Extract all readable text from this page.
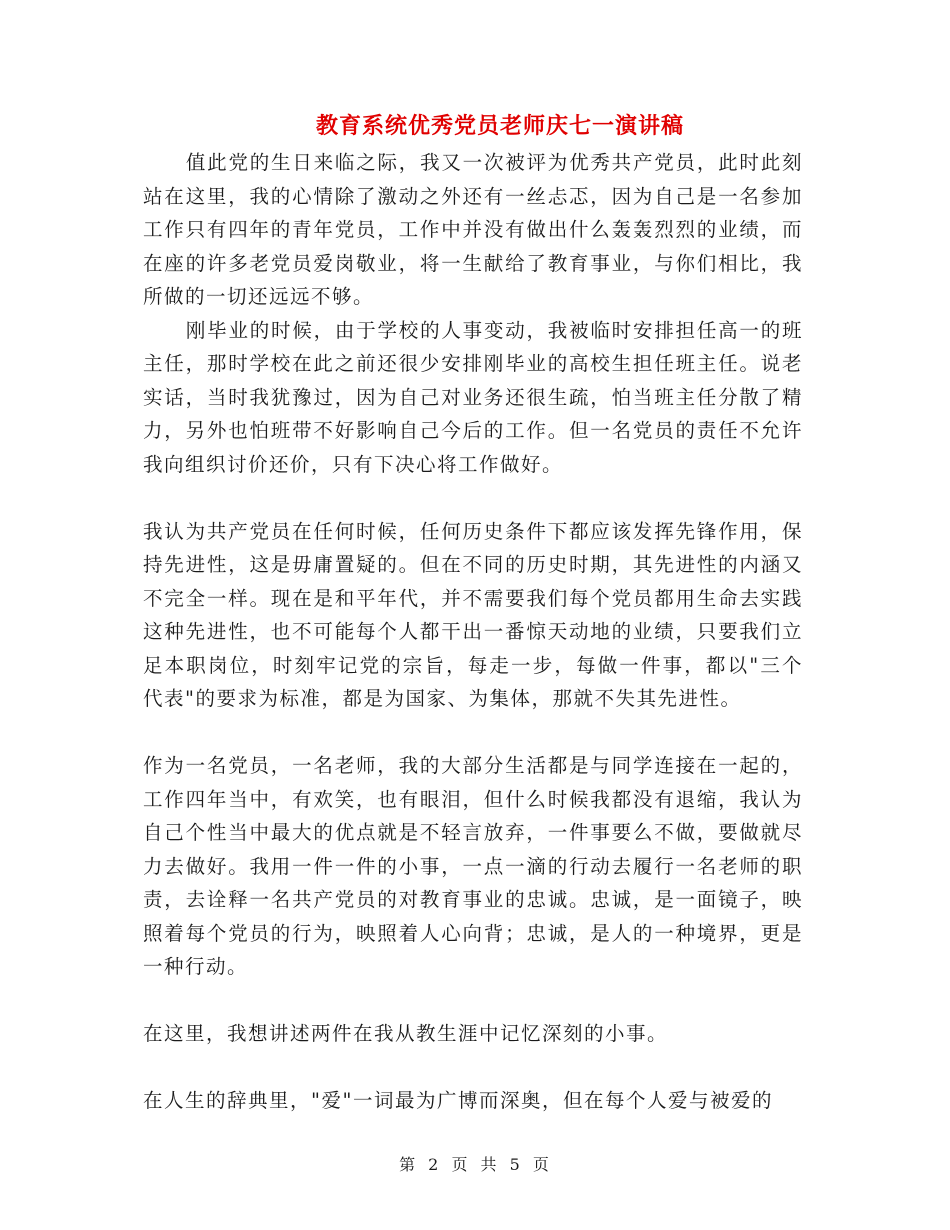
教育系统优秀党员老师庆七一演讲稿

值此党的生日来临之际，我又一次被评为优秀共产党员，此时此刻站在这里，我的心情除了激动之外还有一丝忐忑，因为自己是一名参加工作只有四年的青年党员，工作中并没有做出什么轰轰烈烈的业绩，而在座的许多老党员爱岗敬业，将一生献给了教育事业，与你们相比，我所做的一切还远远不够。

刚毕业的时候，由于学校的人事变动，我被临时安排担任高一的班主任，那时学校在此之前还很少安排刚毕业的高校生担任班主任。说老实话，当时我犹豫过，因为自己对业务还很生疏，怕当班主任分散了精力，另外也怕班带不好影响自己今后的工作。但一名党员的责任不允许我向组织讨价还价，只有下决心将工作做好。

我认为共产党员在任何时候，任何历史条件下都应该发挥先锋作用，保持先进性，这是毋庸置疑的。但在不同的历史时期，其先进性的内涵又不完全一样。现在是和平年代，并不需要我们每个党员都用生命去实践这种先进性，也不可能每个人都干出一番惊天动地的业绩，只要我们立足本职岗位，时刻牢记党的宗旨，每走一步，每做一件事，都以"三个代表"的要求为标准，都是为国家、为集体，那就不失其先进性。

作为一名党员，一名老师，我的大部分生活都是与同学连接在一起的，工作四年当中，有欢笑，也有眼泪，但什么时候我都没有退缩，我认为自己个性当中最大的优点就是不轻言放弃，一件事要么不做，要做就尽力去做好。我用一件一件的小事，一点一滴的行动去履行一名老师的职责，去诠释一名共产党员的对教育事业的忠诚。忠诚，是一面镜子，映照着每个党员的行为，映照着人心向背；忠诚，是人的一种境界，更是一种行动。

在这里，我想讲述两件在我从教生涯中记忆深刻的小事。

在人生的辞典里，"爱"一词最为广博而深奥，但在每个人爱与被爱的

第 2 页 共 5 页
